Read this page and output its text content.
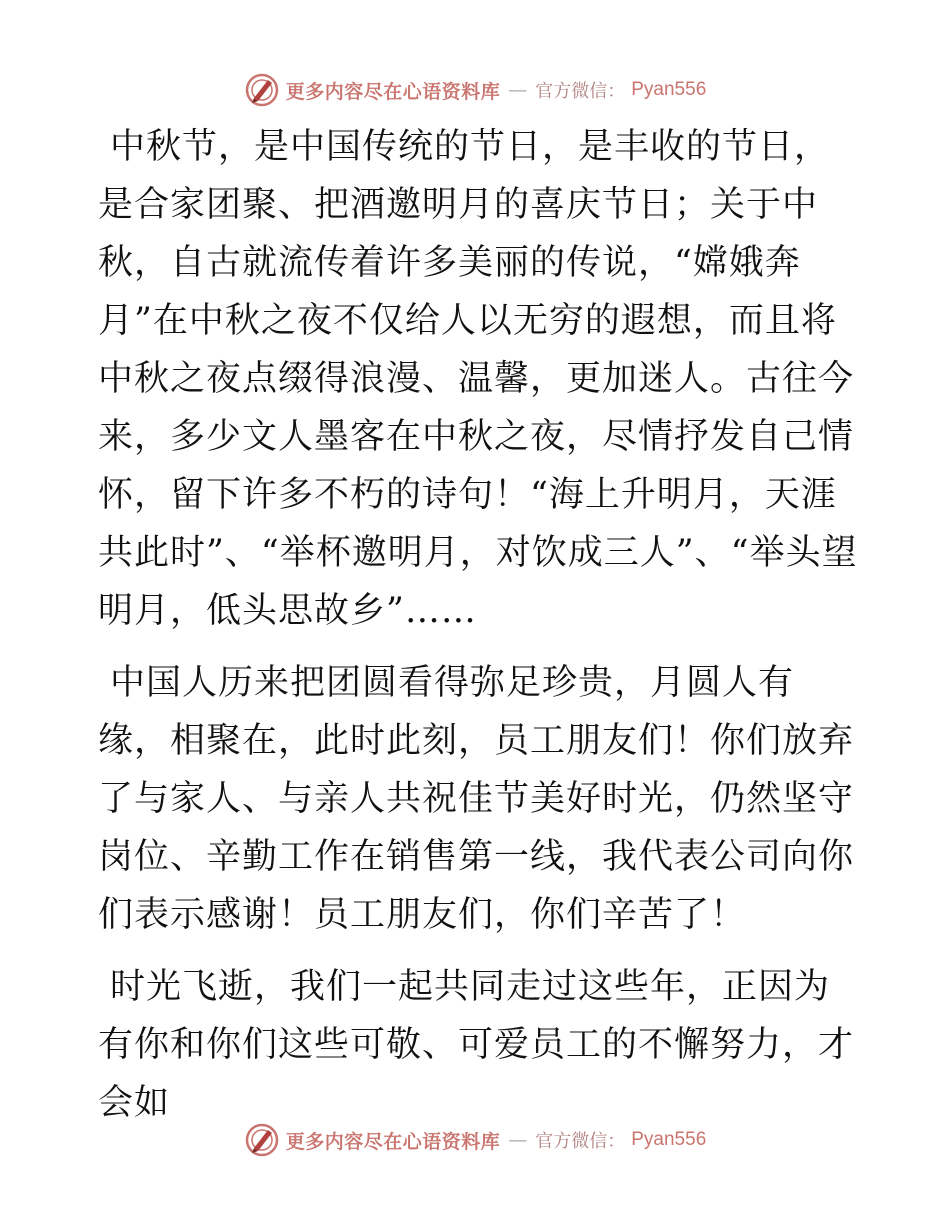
更多内容尽在心语资料库 — 官方微信： Pyan556

中秋节，是中国传统的节日，是丰收的节日，是合家团聚、把酒邀明月的喜庆节日；关于中秋，自古就流传着许多美丽的传说，“嫦娥奔月”在中秋之夜不仅给人以无穷的遐想，而且将中秋之夜点缀得浪漫、温馨，更加迷人。古往今来，多少文人墨客在中秋之夜，尽情抒发自己情怀，留下许多不朽的诗句！“海上升明月，天涯共此时”、“举杯邀明月，对饮成三人”、“举头望明月，低头思故乡”……

中国人历来把团圆看得弥足珍贵，月圆人有缘，相聚在，此时此刻，员工朋友们！你们放弃了与家人、与亲人共祝佳节美好时光，仍然坚守岗位、辛勤工作在销售第一线，我代表公司向你们表示感谢！员工朋友们，你们辛苦了！

时光飞逝，我们一起共同走过这些年，正因为有你和你们这些可敬、可爱员工的不懈努力，才会如

更多内容尽在心语资料库 — 官方微信： Pyan556
